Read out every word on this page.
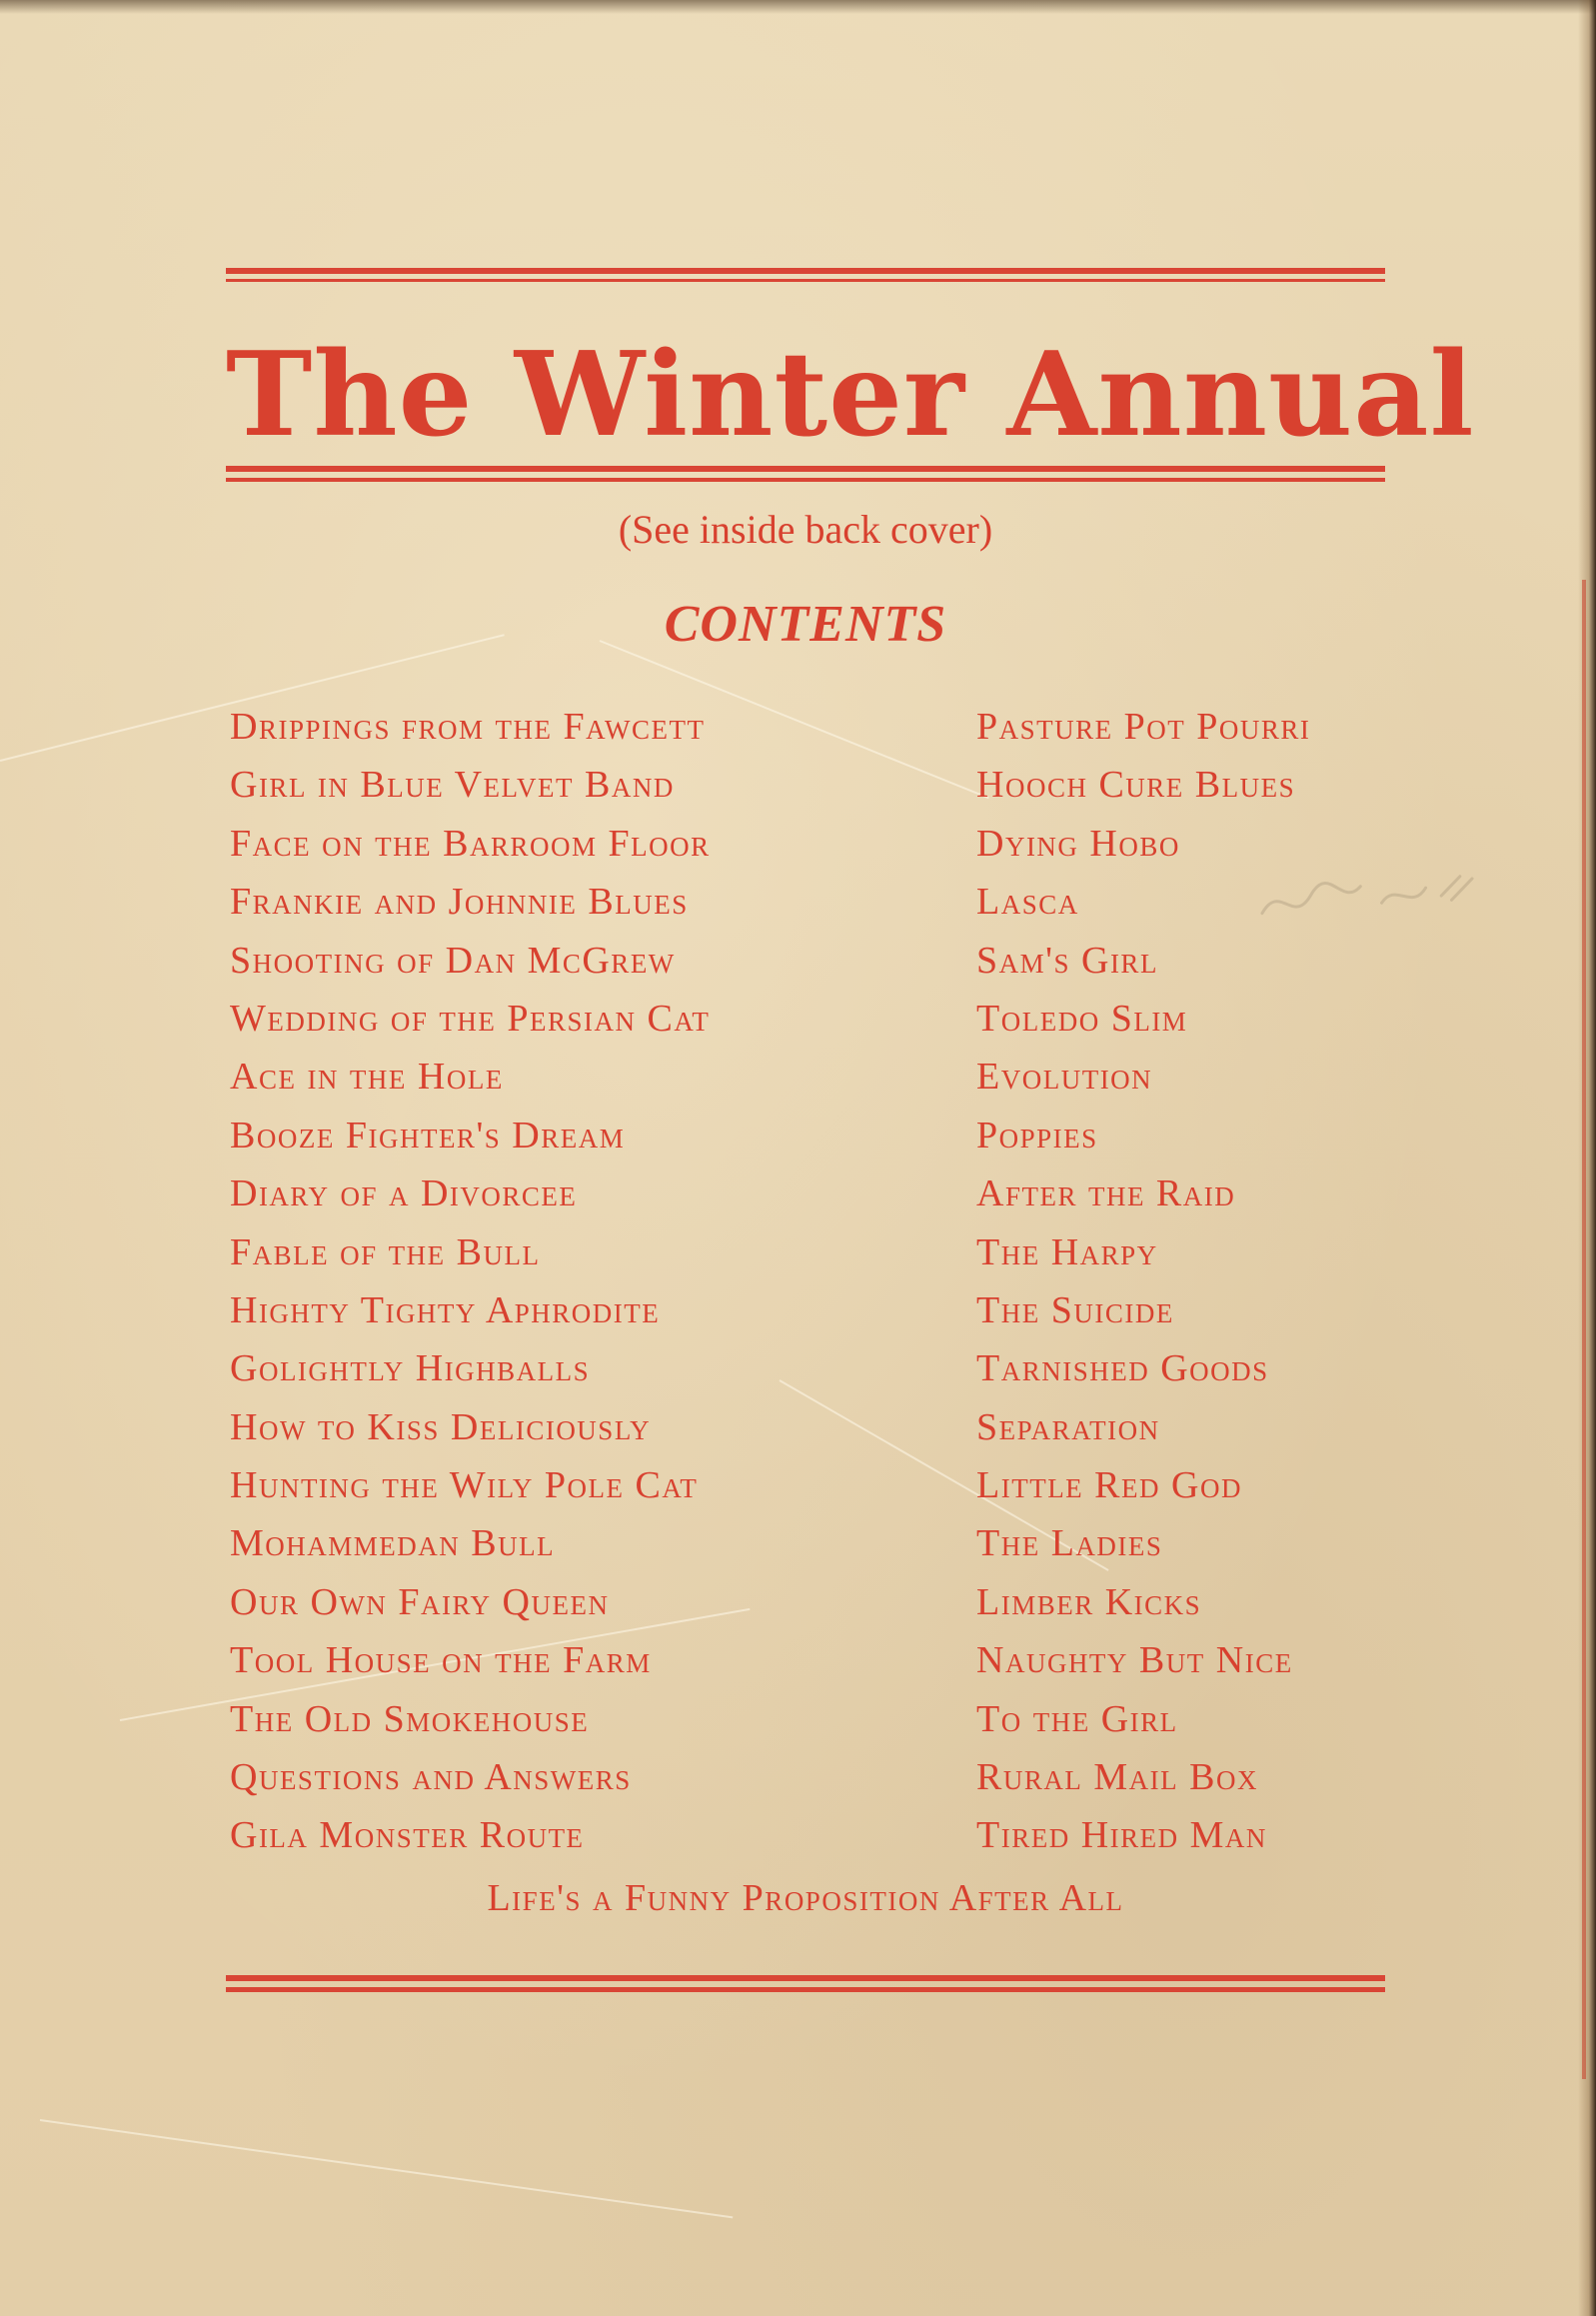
The Winter Annual
(See inside back cover)
CONTENTS
Drippings from the Fawcett
Girl in Blue Velvet Band
Face on the Barroom Floor
Frankie and Johnnie Blues
Shooting of Dan McGrew
Wedding of the Persian Cat
Ace in the Hole
Booze Fighter's Dream
Diary of a Divorcee
Fable of the Bull
Highty Tighty Aphrodite
Golightly Highballs
How to Kiss Deliciously
Hunting the Wily Pole Cat
Mohammedan Bull
Our Own Fairy Queen
Tool House on the Farm
The Old Smokehouse
Questions and Answers
Gila Monster Route
Pasture Pot Pourri
Hooch Cure Blues
Dying Hobo
Lasca
Sam's Girl
Toledo Slim
Evolution
Poppies
After the Raid
The Harpy
The Suicide
Tarnished Goods
Separation
Little Red God
The Ladies
Limber Kicks
Naughty But Nice
To the Girl
Rural Mail Box
Tired Hired Man
Life's a Funny Proposition After All
